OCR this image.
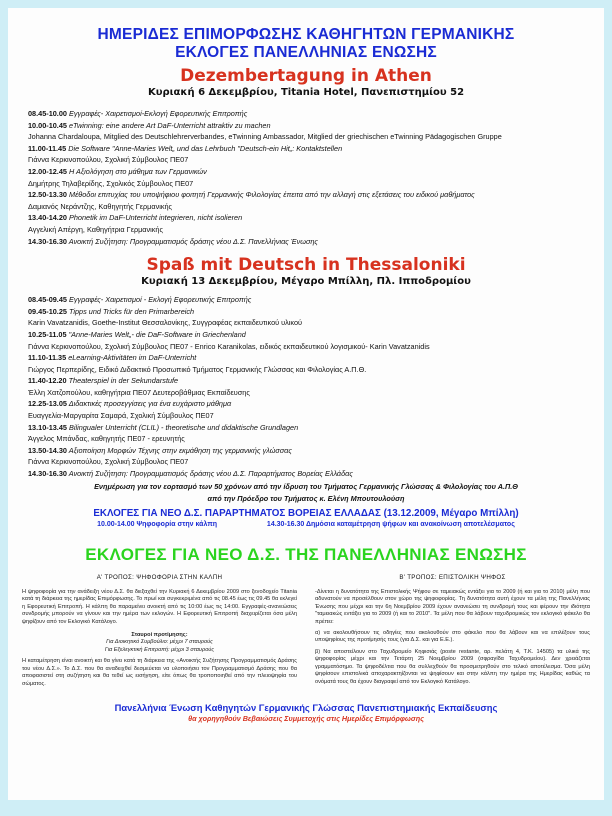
ΗΜΕΡΙΔΕΣ ΕΠΙΜΟΡΦΩΣΗΣ ΚΑΘΗΓΗΤΩΝ ΓΕΡΜΑΝΙΚΗΣ
ΕΚΛΟΓΕΣ ΠΑΝΕΛΛΗΝΙΑΣ ΕΝΩΣΗΣ
Dezembertagung in Athen
Κυριακή 6 Δεκεμβρίου, Titania Hotel, Πανεπιστημίου 52
08.45-10.00 Εγγραφές- Χαιρετισμοί-Εκλογή Εφορευτικής Επιτροπής
10.00-10.45 eTwinning: eine andere Art DaF-Unterricht attraktiv zu machen
Johanna Chardaloupa, Mitglied des Deutschlehrerverbandes, eTwinning Ambassador, Mitglied der griechischen eTwinning Pädagogischen Gruppe
11.00-11.45 Die Software "Anne-Maries Welt„ und das Lehrbuch "Deutsch-ein Hit„: Kontaktstellen
Γιάννα Κερκινοπούλου, Σχολική Σύμβουλος ΠΕ07
12.00-12.45 Η Αξιολόγηση στο μάθημα των Γερμανικών
Δημήτρης Τηλαβερίδης, Σχολικός Σύμβουλος ΠΕ07
12.50-13.30 Μέθοδοι επιτυχίας του υποψήφιου φοιτητή Γερμανικής Φιλολογίας έπειτα από την αλλαγή στις εξετάσεις του ειδικού μαθήματος
Δαμιανός Νεράντζης, Καθηγητής Γερμανικής
13.40-14.20 Phonetik im DaF-Unterricht integrieren, nicht isolieren
Αγγελική Απέργη, Καθηγήτρια Γερμανικής
14.30-16.30 Ανοικτή Συζήτηση: Προγραμματισμός δράσης νέου Δ.Σ. Πανελλήνιας Ένωσης
Spaß mit Deutsch in Thessaloniki
Κυριακή 13 Δεκεμβρίου, Μέγαρο Μπίλλη, Πλ. Ιπποδρομίου
08.45-09.45 Εγγραφές- Χαιρετισμοί - Εκλογή Εφορευτικής Επιτροπής
09.45-10.25 Tipps und Tricks für den Primarbereich
Karin Vavatzanidis, Goethe-Institut Θεσσαλονίκης, Συγγραφέας εκπαιδευτικού υλικού
10.25-11.05 "Anne-Maries Welt„- die DaF-Software in Griechenland
Γιάννα Κερκινοπούλου, Σχολική Σύμβουλος ΠΕ07 - Enrico Karanikolas, ειδικός εκπαιδευτικού λογισμικού- Karin Vavatzanidis
11.10-11.35 eLearning-Aktivitäten im DaF-Unterricht
Γιώργος Περπερίδης, Ειδικό Διδακτικό Προσωπικό Τμήματος Γερμανικής Γλώσσας και Φιλολογίας Α.Π.Θ.
11.40-12.20 Theaterspiel in der Sekundarstufe
Έλλη Χατζοπούλου, καθηγήτρια ΠΕ07 Δευτεροβάθμιας Εκπαίδευσης
12.25-13.05 Διδακτικές προσεγγίσεις για ένα ευχάριστο μάθημα
Ευαγγελία-Μαργαρίτα Σαμαρά, Σχολική Σύμβουλος ΠΕ07
13.10-13.45 Bilingualer Unterricht (CLIL) - theoretische und didaktische Grundlagen
Άγγελος Μπάνδας, καθηγητής ΠΕ07 - ερευνητής
13.50-14.30 Αξιοποίηση Μορφών Τέχνης στην εκμάθηση της γερμανικής γλώσσας
Γιάννα Κερκινοπούλου, Σχολική Σύμβουλος ΠΕ07
14.30-16.30 Ανοικτή Συζήτηση: Προγραμματισμός δράσης νέου Δ.Σ. Παραρτήματος Βορείας Ελλάδας
Ενημέρωση για τον εορτασμό των 50 χρόνων από την ίδρυση του Τμήματος Γερμανικής Γλώσσας & Φιλολογίας του Α.Π.Θ
από την Πρόεδρο του Τμήματος κ. Ελένη Μπουτουλούση
ΕΚΛΟΓΕΣ ΓΙΑ ΝΕΟ Δ.Σ. ΠΑΡΑΡΤΗΜΑΤΟΣ ΒΟΡΕΙΑΣ ΕΛΛΑΔΑΣ (13.12.2009, Μέγαρο Μπίλλη)
10.00-14.00 Ψηφοφορία στην κάλπη	14.30-16.30 Δημόσια καταμέτρηση ψήφων και ανακοίνωση αποτελέσματος
ΕΚΛΟΓΕΣ ΓΙΑ ΝΕΟ Δ.Σ. ΤΗΣ ΠΑΝΕΛΛΗΝΙΑΣ ΕΝΩΣΗΣ
Α' ΤΡΟΠΟΣ: ΨΗΦΟΦΟΡΙΑ ΣΤΗΝ ΚΑΛΠΗ

Η ψηφοφορία για την ανάδειξη νέου Δ.Σ. θα διεξαχθεί την Κυριακή 6 Δεκεμβρίου 2009 στο ξενοδοχείο Titania κατά τη διάρκεια της ημερίδας Επιμόρφωσης. Το πρωί και συγκεκριμένα από τις 08.45 έως τις 09.45 θα εκλεγεί η Εφορευτική Επιτροπή. Η κάλπη θα παραμείνει ανοικτή από τις 10:00 έως τις 14:00. Εγγραφές-ανανεώσεις συνδρομής μπορούν να γίνουν και την ημέρα των εκλογών. Η Εφορευτική Επιτροπή διαχειρίζεται όσα μέλη ψηφίζουν από τον Εκλογικό Κατάλογο.

Σταυροί προτίμησης:
Για Διοικητικό Συμβούλιο: μέχρι 7 σταυρούς
Για Εξελεγκτική Επιτροπή: μέχρι 3 σταυρούς

Η καταμέτρηση είναι ανοικτή και θα γίνει κατά τη διάρκεια της «Ανοικτής Συζήτησης Προγραμματισμός Δράσης του νέου Δ.Σ.». Το Δ.Σ. που θα αναδειχθεί δεσμεύεται να υλοποιήσει τον Προγραμματισμό Δράσης που θα αποφασιστεί στη συζήτηση και θα τεθεί ως εισήγηση, είτε όπως θα τροποποιηθεί από την πλειοψηφία του σώματος.

Β' ΤΡΟΠΟΣ: ΕΠΙΣΤΟΛΙΚΗ ΨΗΦΟΣ

-Δίνεται η δυνατότητα της Επιστολικής Ψήφου σε ταμειακώς εντάξει για το 2009 (ή και για το 2010) μέλη που αδυνατούν να προσέλθουν στον χώρο της ψηφοφορίας. Τη δυνατότητα αυτή έχουν τα μέλη της Πανελλήνιας Ένωσης που μέχρι και την 6η Νοεμβρίου 2009 έχουν ανανεώσει τη συνδρομή τους και φέρουν την ιδιότητα "ταμειακώς εντάξει για το 2009 (ή και το 2010". Τα μέλη που θα λάβουν ταχυδρομικώς τον εκλογικό φάκελο θα πρέπει:

α) να ακολουθήσουν τις οδηγίες που ακολουθούν στο φάκελο που θα λάβουν και να επιλέξουν τους υποψηφίους της προτίμησής τους (για Δ.Σ. και για Ε.Ε.).

β) Να αποστείλουν στο Ταχυδρομείο Κηφισιάς (poste restante, αρ. πελάτη 4, Τ.Κ. 14505) τα υλικά της ψηφοφορίας μέχρι και την Τετάρτη 25 Νοεμβρίου 2009 (σφραγίδα Ταχυδρομείου). Δεν χρειάζεται γραμματόσημο. Τα ψηφοδέλτια που θα συλλεχθούν θα προσμετρηθούν στο τελικό αποτέλεσμα. Όσα μέλη ψηφίσουν επιστολικά αποχαρακτηίζονται να ψηφίσουν και στην κάλπη την ημέρα της Ημερίδας καθώς τα ονόματά τους θα έχουν διαγραφεί από τον Εκλογικό Κατάλογο.

Πανελλήνια Ένωση Καθηγητών Γερμανικής Γλώσσας Πανεπιστημιακής Εκπαίδευσης
θα χορηγηθούν Βεβαιώσεις Συμμετοχής στις Ημερίδες Επιμόρφωσης
